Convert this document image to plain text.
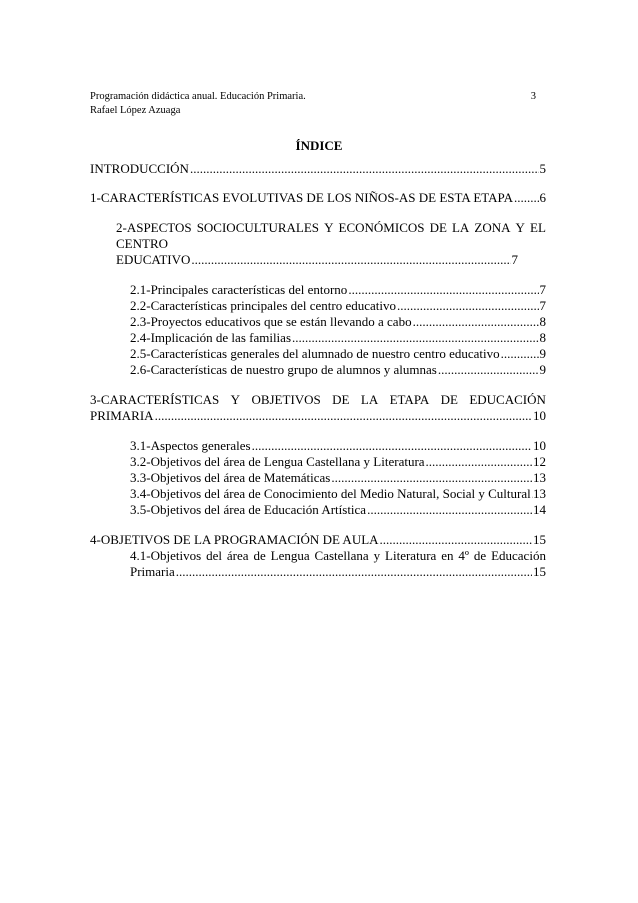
Programación didáctica anual. Educación Primaria.	3
Rafael López Azuaga
ÍNDICE
INTRODUCCIÓN .....	5
1-CARACTERÍSTICAS EVOLUTIVAS DE LOS NIÑOS-AS DE ESTA ETAPA ..... 6
2-ASPECTOS SOCIOCULTURALES Y ECONÓMICOS DE LA ZONA Y EL
CENTRO
EDUCATIVO .....	7
2.1-Principales características del entorno .....	7
2.2-Características principales del centro educativo .....	7
2.3-Proyectos educativos que se están llevando a cabo .....	8
2.4-Implicación de las familias .....	8
2.5-Características generales del alumnado de nuestro centro educativo .....	9
2.6-Características de nuestro grupo de alumnos y alumnas .....	9
3-CARACTERÍSTICAS Y OBJETIVOS DE LA ETAPA DE EDUCACIÓN
PRIMARIA .....	10
3.1-Aspectos generales .....	10
3.2-Objetivos del área de Lengua Castellana y Literatura .....	12
3.3-Objetivos del área de Matemáticas .....	13
3.4-Objetivos del área de Conocimiento del Medio Natural, Social y Cultural ..... 13
3.5-Objetivos del área de Educación Artística .....	14
4-OBJETIVOS DE LA PROGRAMACIÓN DE AULA .....	15
4.1-Objetivos del área de Lengua Castellana y Literatura en 4º de Educación
Primaria .....	15
